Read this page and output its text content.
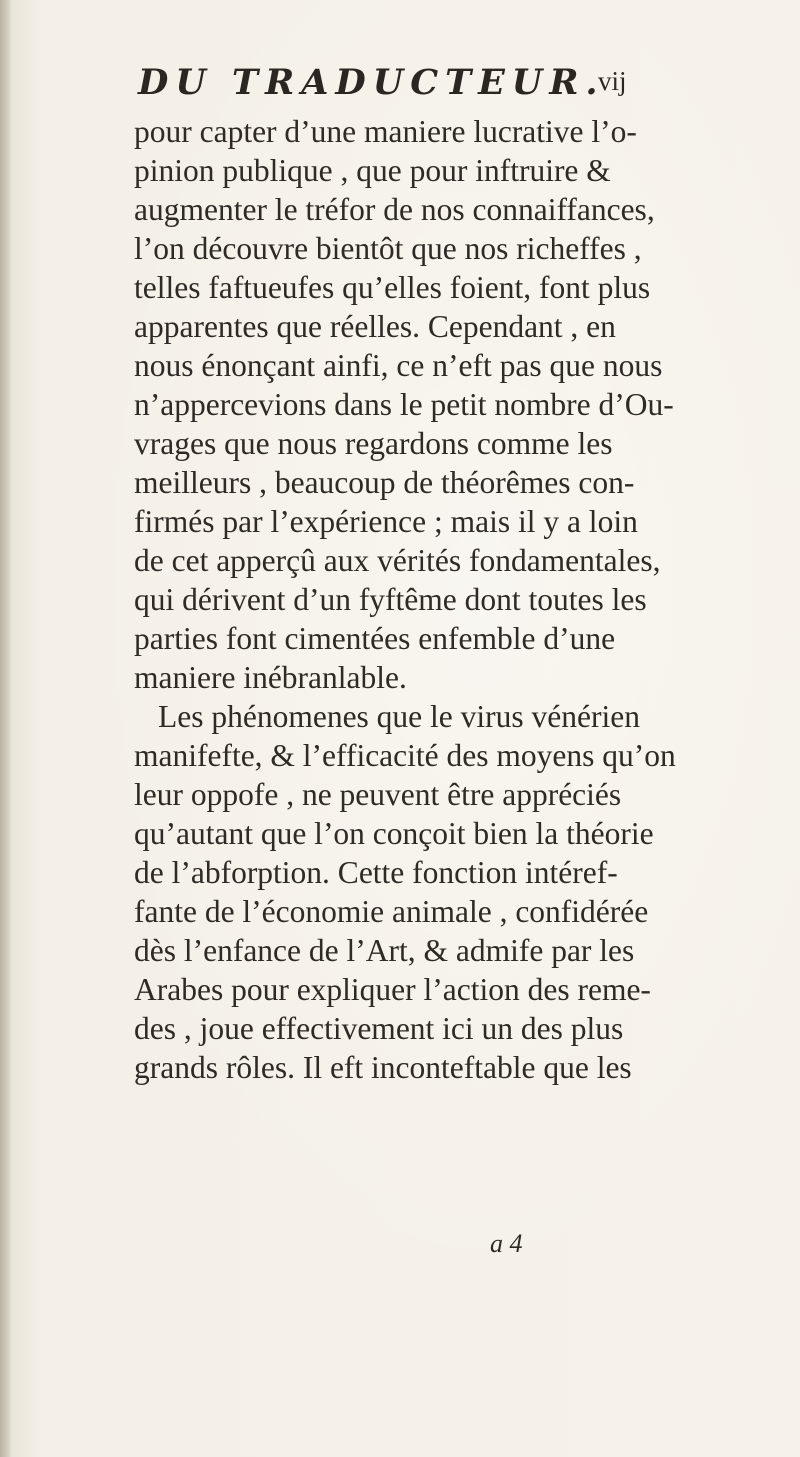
DU TRADUCTEUR.
vij
pour capter d’une maniere lucrative l’o-
pinion publique , que pour inftruire &
augmenter le tréfor de nos connaiffances,
l’on découvre bientôt que nos richeffes ,
telles faftueufes qu’elles foient, font plus
apparentes que réelles. Cependant , en
nous énonçant ainfi, ce n’eft pas que nous
n’appercevions dans le petit nombre d’Ou-
vrages que nous regardons comme les
meilleurs , beaucoup de théorêmes con-
firmés par l’expérience ; mais il y a loin
de cet apperçû aux vérités fondamentales,
qui dérivent d’un fyftême dont toutes les
parties font cimentées enfemble d’une
maniere inébranlable.
Les phénomenes que le virus vénérien
manifefte, & l’efficacité des moyens qu’on
leur oppofe , ne peuvent être appréciés
qu’autant que l’on conçoit bien la théorie
de l’abforption. Cette fonction intéref-
fante de l’économie animale , confidérée
dès l’enfance de l’Art, & admife par les
Arabes pour expliquer l’action des reme-
des , joue effectivement ici un des plus
grands rôles. Il eft inconteftable que les
a 4
